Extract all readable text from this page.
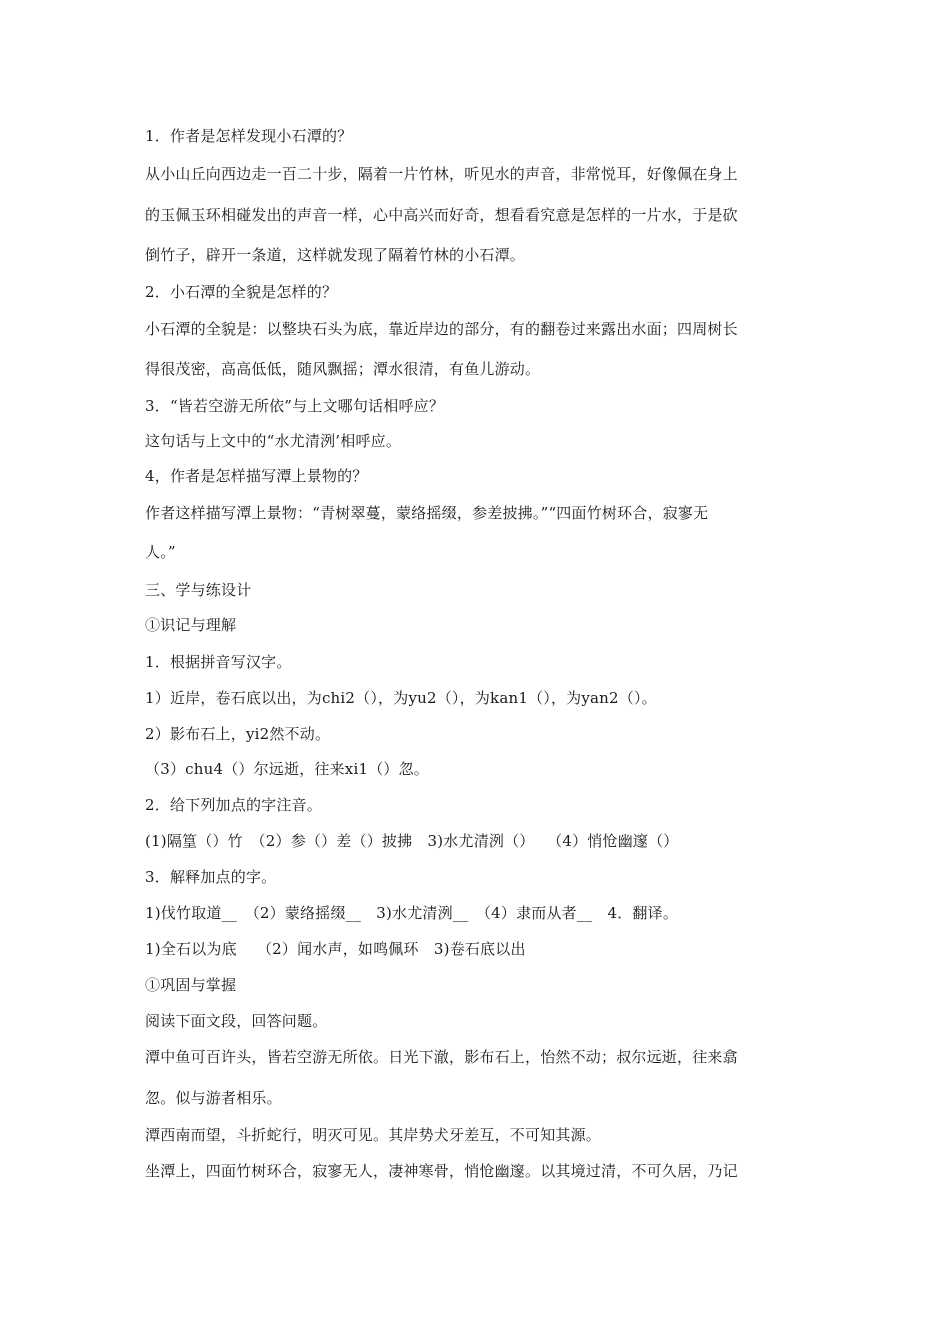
1．作者是怎样发现小石潭的？
从小山丘向西边走一百二十步，隔着一片竹林，听见水的声音，非常悦耳，好像佩在身上
的玉佩玉环相碰发出的声音一样，心中高兴而好奇，想看看究意是怎样的一片水，于是砍
倒竹子，辟开一条道，这样就发现了隔着竹林的小石潭。
2．小石潭的全貌是怎样的？
小石潭的全貌是：以整块石头为底，靠近岸边的部分，有的翻卷过来露出水面；四周树长
得很茂密，高高低低，随风飘摇；潭水很清，有鱼儿游动。
3．“皆若空游无所依”与上文哪句话相呼应？
这句话与上文中的“水尤清洌’相呼应。
4，作者是怎样描写潭上景物的？
作者这样描写潭上景物：“青树翠蔓，蒙络摇缀，参差披拂。”“四面竹树环合，寂寥无
人。”
三、学与练设计
①识记与理解
1．根据拼音写汉字。
1）近岸，卷石底以出，为chi2（），为yu2（），为kan1（），为yan2（）。
2）影布石上，yi2然不动。
（3）chu4（）尔远逝，往来xi1（）忽。
2．给下列加点的字注音。
(1)隔篁（）竹　（2）参（）差（）披拂　3)水尤清洌（）　 （4）悄怆幽邃（）
3．解释加点的字。
1)伐竹取道__　（2）蒙络摇缀__　3)水尤清洌__　（4）隶而从者__　4．翻译。
1)全石以为底　 （2）闻水声，如鸣佩环　3)卷石底以出
①巩固与掌握
阅读下面文段，回答问题。
潭中鱼可百许头，皆若空游无所依。日光下澈，影布石上，怡然不动；叔尔远逝，往来翕
忽。似与游者相乐。
潭西南而望，斗折蛇行，明灭可见。其岸势犬牙差互，不可知其源。
坐潭上，四面竹树环合，寂寥无人，凄神寒骨，悄怆幽邃。以其境过清，不可久居，乃记
